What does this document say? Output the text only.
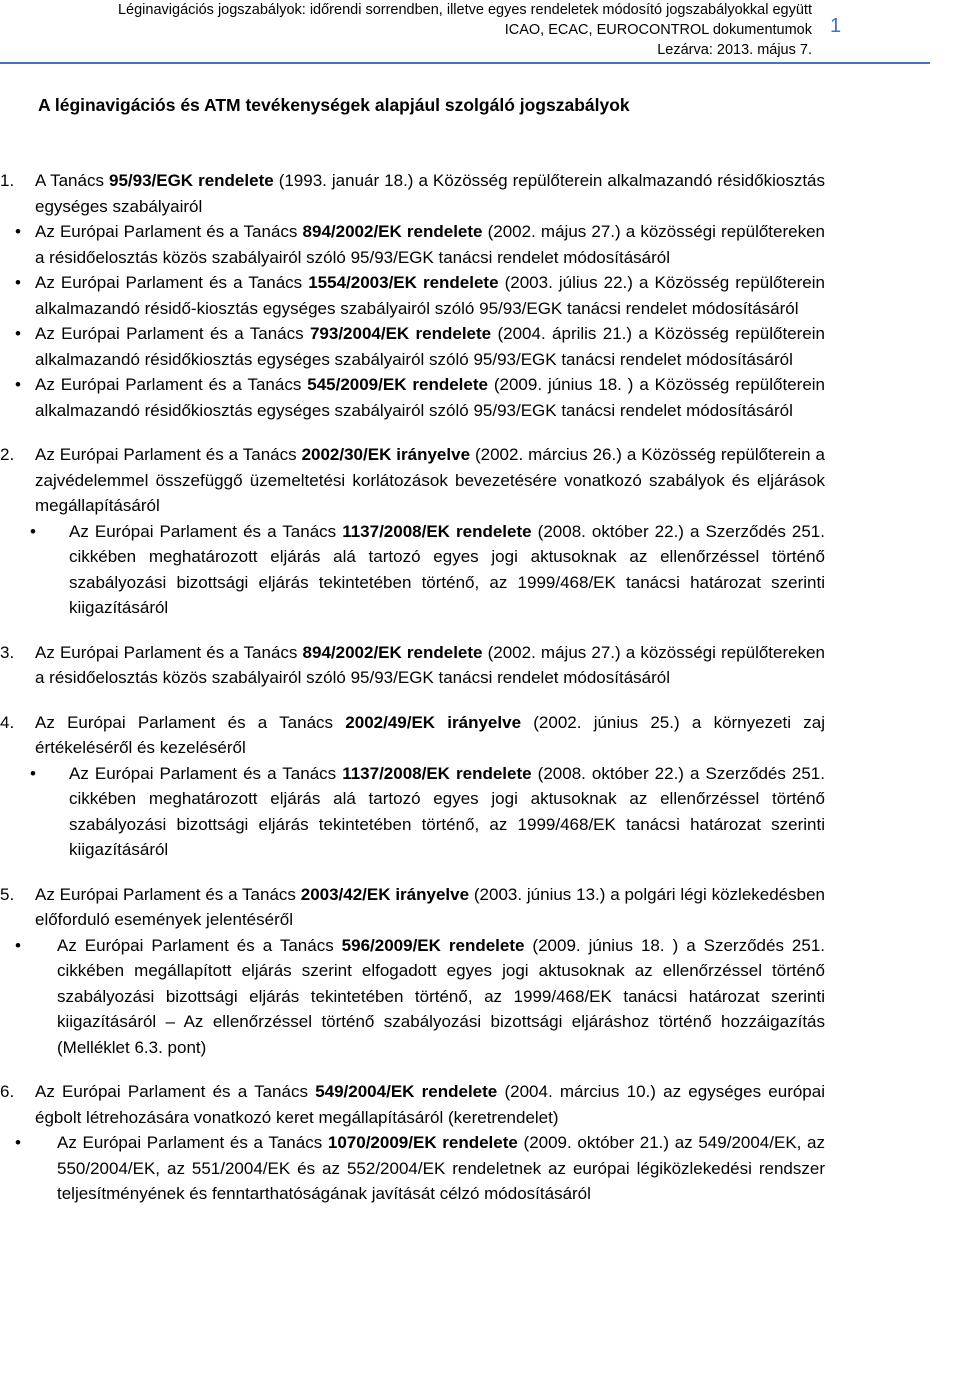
Léginavigációs jogszabályok: időrendi sorrendben, illetve egyes rendeletek módosító jogszabályokkal együtt
ICAO, ECAC, EUROCONTROL dokumentumok
Lezárva: 2013. május 7.
1
A léginavigációs és ATM tevékenységek alapjául szolgáló jogszabályok
1. A Tanács 95/93/EGK rendelete (1993. január 18.) a Közösség repülőterein alkalmazandó résidőkiosztás egységes szabályairól
• Az Európai Parlament és a Tanács 894/2002/EK rendelete (2002. május 27.) a közösségi repülőtereken a résidőelosztás közös szabályairól szóló 95/93/EGK tanácsi rendelet módosításáról
• Az Európai Parlament és a Tanács 1554/2003/EK rendelete (2003. július 22.) a Közösség repülőterein alkalmazandó résidő-kiosztás egységes szabályairól szóló 95/93/EGK tanácsi rendelet módosításáról
• Az Európai Parlament és a Tanács 793/2004/EK rendelete (2004. április 21.) a Közösség repülőterein alkalmazandó résidőkiosztás egységes szabályairól szóló 95/93/EGK tanácsi rendelet módosításáról
• Az Európai Parlament és a Tanács 545/2009/EK rendelete (2009. június 18. ) a Közösség repülőterein alkalmazandó résidőkiosztás egységes szabályairól szóló 95/93/EGK tanácsi rendelet módosításáról
2. Az Európai Parlament és a Tanács 2002/30/EK irányelve (2002. március 26.) a Közösség repülőterein a zajvédelemmel összefüggő üzemeltetési korlátozások bevezetésére vonatkozó szabályok és eljárások megállapításáról
• Az Európai Parlament és a Tanács 1137/2008/EK rendelete (2008. október 22.) a Szerződés 251. cikkében meghatározott eljárás alá tartozó egyes jogi aktusoknak az ellenőrzéssel történő szabályozási bizottsági eljárás tekintetében történő, az 1999/468/EK tanácsi határozat szerinti kiigazításáról
3. Az Európai Parlament és a Tanács 894/2002/EK rendelete (2002. május 27.) a közösségi repülőtereken a résidőelosztás közös szabályairól szóló 95/93/EGK tanácsi rendelet módosításáról
4. Az Európai Parlament és a Tanács 2002/49/EK irányelve (2002. június 25.) a környezeti zaj értékeléséről és kezeléséről
• Az Európai Parlament és a Tanács 1137/2008/EK rendelete (2008. október 22.) a Szerződés 251. cikkében meghatározott eljárás alá tartozó egyes jogi aktusoknak az ellenőrzéssel történő szabályozási bizottsági eljárás tekintetében történő, az 1999/468/EK tanácsi határozat szerinti kiigazításáról
5. Az Európai Parlament és a Tanács 2003/42/EK irányelve (2003. június 13.) a polgári légi közlekedésben előforduló események jelentéséről
• Az Európai Parlament és a Tanács 596/2009/EK rendelete (2009. június 18. ) a Szerződés 251. cikkében megállapított eljárás szerint elfogadott egyes jogi aktusoknak az ellenőrzéssel történő szabályozási bizottsági eljárás tekintetében történő, az 1999/468/EK tanácsi határozat szerinti kiigazításáról – Az ellenőrzéssel történő szabályozási bizottsági eljáráshoz történő hozzáigazítás (Melléklet 6.3. pont)
6. Az Európai Parlament és a Tanács 549/2004/EK rendelete (2004. március 10.) az egységes európai égbolt létrehozására vonatkozó keret megállapításáról (keretrendelet)
• Az Európai Parlament és a Tanács 1070/2009/EK rendelete (2009. október 21.) az 549/2004/EK, az 550/2004/EK, az 551/2004/EK és az 552/2004/EK rendeletnek az európai légiközlekedési rendszer teljesítményének és fenntarthatóságának javítását célzó módosításáról
